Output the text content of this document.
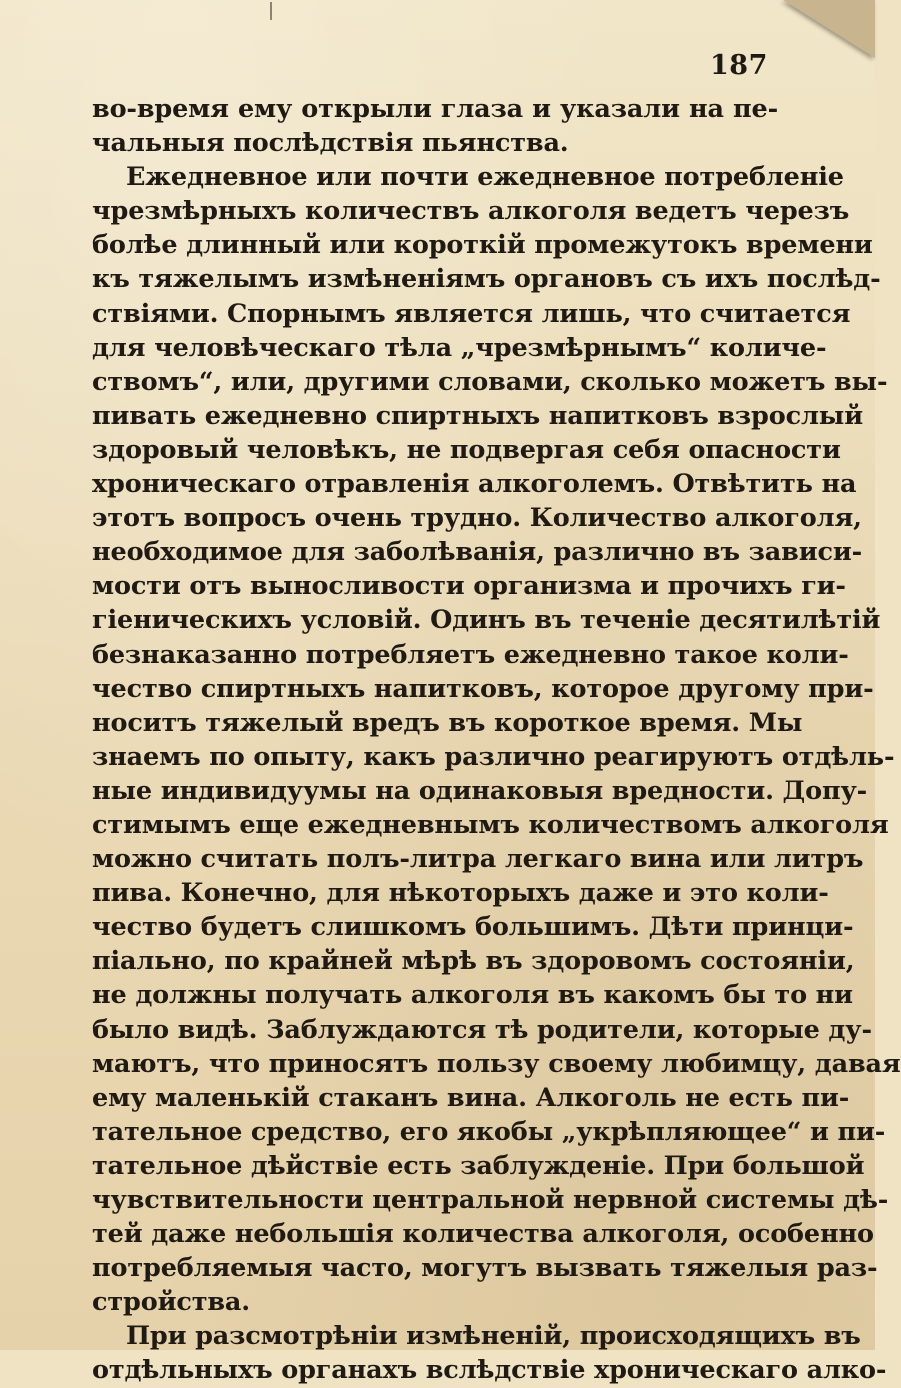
187
во-время ему открыли глаза и указали на пе-
чальныя послѣдствія пьянства.
Ежедневное или почти ежедневное потребленіе
чрезмѣрныхъ количествъ алкоголя ведетъ черезъ
болѣе длинный или короткій промежутокъ времени
къ тяжелымъ измѣненіямъ органовъ съ ихъ послѣд-
ствіями. Спорнымъ является лишь, что считается
для человѣческаго тѣла „чрезмѣрнымъ“ количе-
ствомъ“, или, другими словами, сколько можетъ вы-
пивать ежедневно спиртныхъ напитковъ взрослый
здоровый человѣкъ, не подвергая себя опасности
хроническаго отравленія алкоголемъ. Отвѣтить на
этотъ вопросъ очень трудно. Количество алкоголя,
необходимое для заболѣванія, различно въ зависи-
мости отъ выносливости организма и прочихъ ги-
гіеническихъ условій. Одинъ въ теченіе десятилѣтій
безнаказанно потребляетъ ежедневно такое коли-
чество спиртныхъ напитковъ, которое другому при-
носитъ тяжелый вредъ въ короткое время. Мы
знаемъ по опыту, какъ различно реагируютъ отдѣль-
ные индивидуумы на одинаковыя вредности. Допу-
стимымъ еще ежедневнымъ количествомъ алкоголя
можно считать полъ-литра легкаго вина или литръ
пива. Конечно, для нѣкоторыхъ даже и это коли-
чество будетъ слишкомъ большимъ. Дѣти принци-
піально, по крайней мѣрѣ въ здоровомъ состояніи,
не должны получать алкоголя въ какомъ бы то ни
было видѣ. Заблуждаются тѣ родители, которые ду-
маютъ, что приносятъ пользу своему любимцу, давая
ему маленькій стаканъ вина. Алкоголь не есть пи-
тательное средство, его якобы „укрѣпляющее“ и пи-
тательное дѣйствіе есть заблужденіе. При большой
чувствительности центральной нервной системы дѣ-
тей даже небольшія количества алкоголя, особенно
потребляемыя часто, могутъ вызвать тяжелыя раз-
стройства.
При разсмотрѣніи измѣненій, происходящихъ въ
отдѣльныхъ органахъ вслѣдствіе хроническаго алко-
